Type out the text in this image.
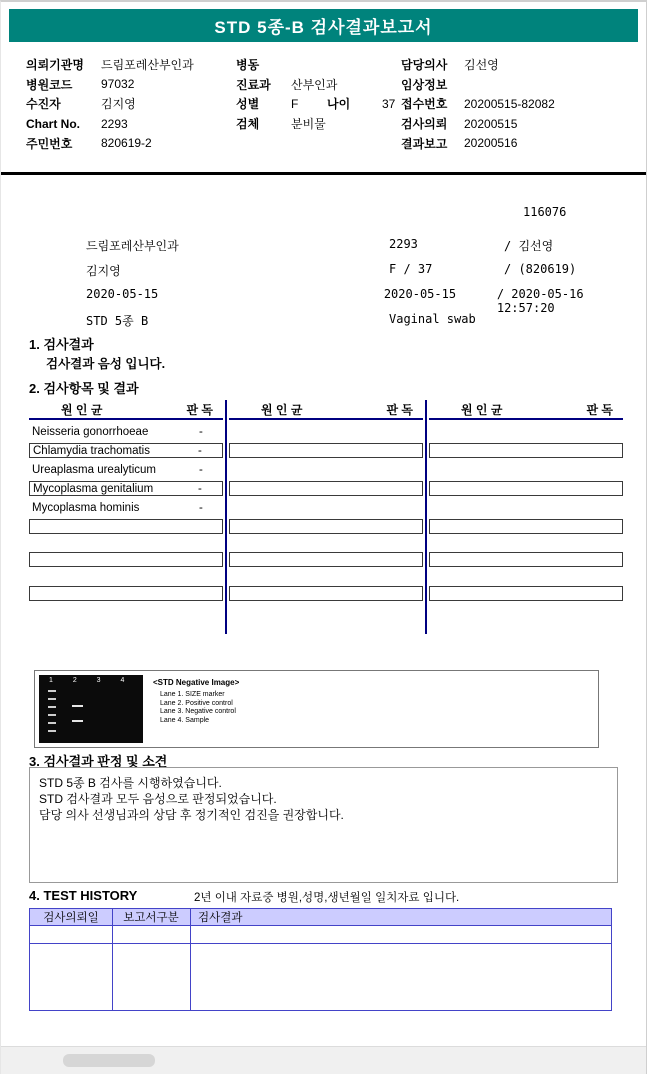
STD 5종-B 검사결과보고서
의뢰기관명	드림포레산부인과
병원코드	97032
수진자	김지영
Chart No.	2293
주민번호	820619-2
병동
진료과	산부인과
성별	F	나이	37
검체	분비물
담당의사	김선영
임상정보
접수번호	20200515-82082
검사의뢰	20200515
결과보고	20200516
116076
드림포레산부인과	2293	/ 김선영
김지영	F / 37	/ (820619)
2020-05-15	2020-05-15	/ 2020-05-16 12:57:20
STD 5종 B	Vaginal swab
1. 검사결과
검사결과 음성 입니다.
2. 검사항목 및 결과
원 인 균	판 독
Neisseria gonorrhoeae	-
Chlamydia trachomatis	-
Ureaplasma urealyticum	-
Mycoplasma genitalium	-
Mycoplasma hominis	-
원 인 균	판 독	원 인 균	판 독
1 2 3 4 <STD Negative Image>
Lane 1. SIZE marker
Lane 2. Positive control
Lane 3. Negative control
Lane 4. Sample
3. 검사결과 판정 및 소견
STD 5종 B 검사를 시행하였습니다.
STD 검사결과 모두 음성으로 판정되었습니다.
담당 의사 선생님과의 상담 후 정기적인 검진을 권장합니다.
4. TEST HISTORY	2년 이내 자료중 병원,성명,생년월일 일치자료 입니다.
검사의뢰일	보고서구분	검사결과
